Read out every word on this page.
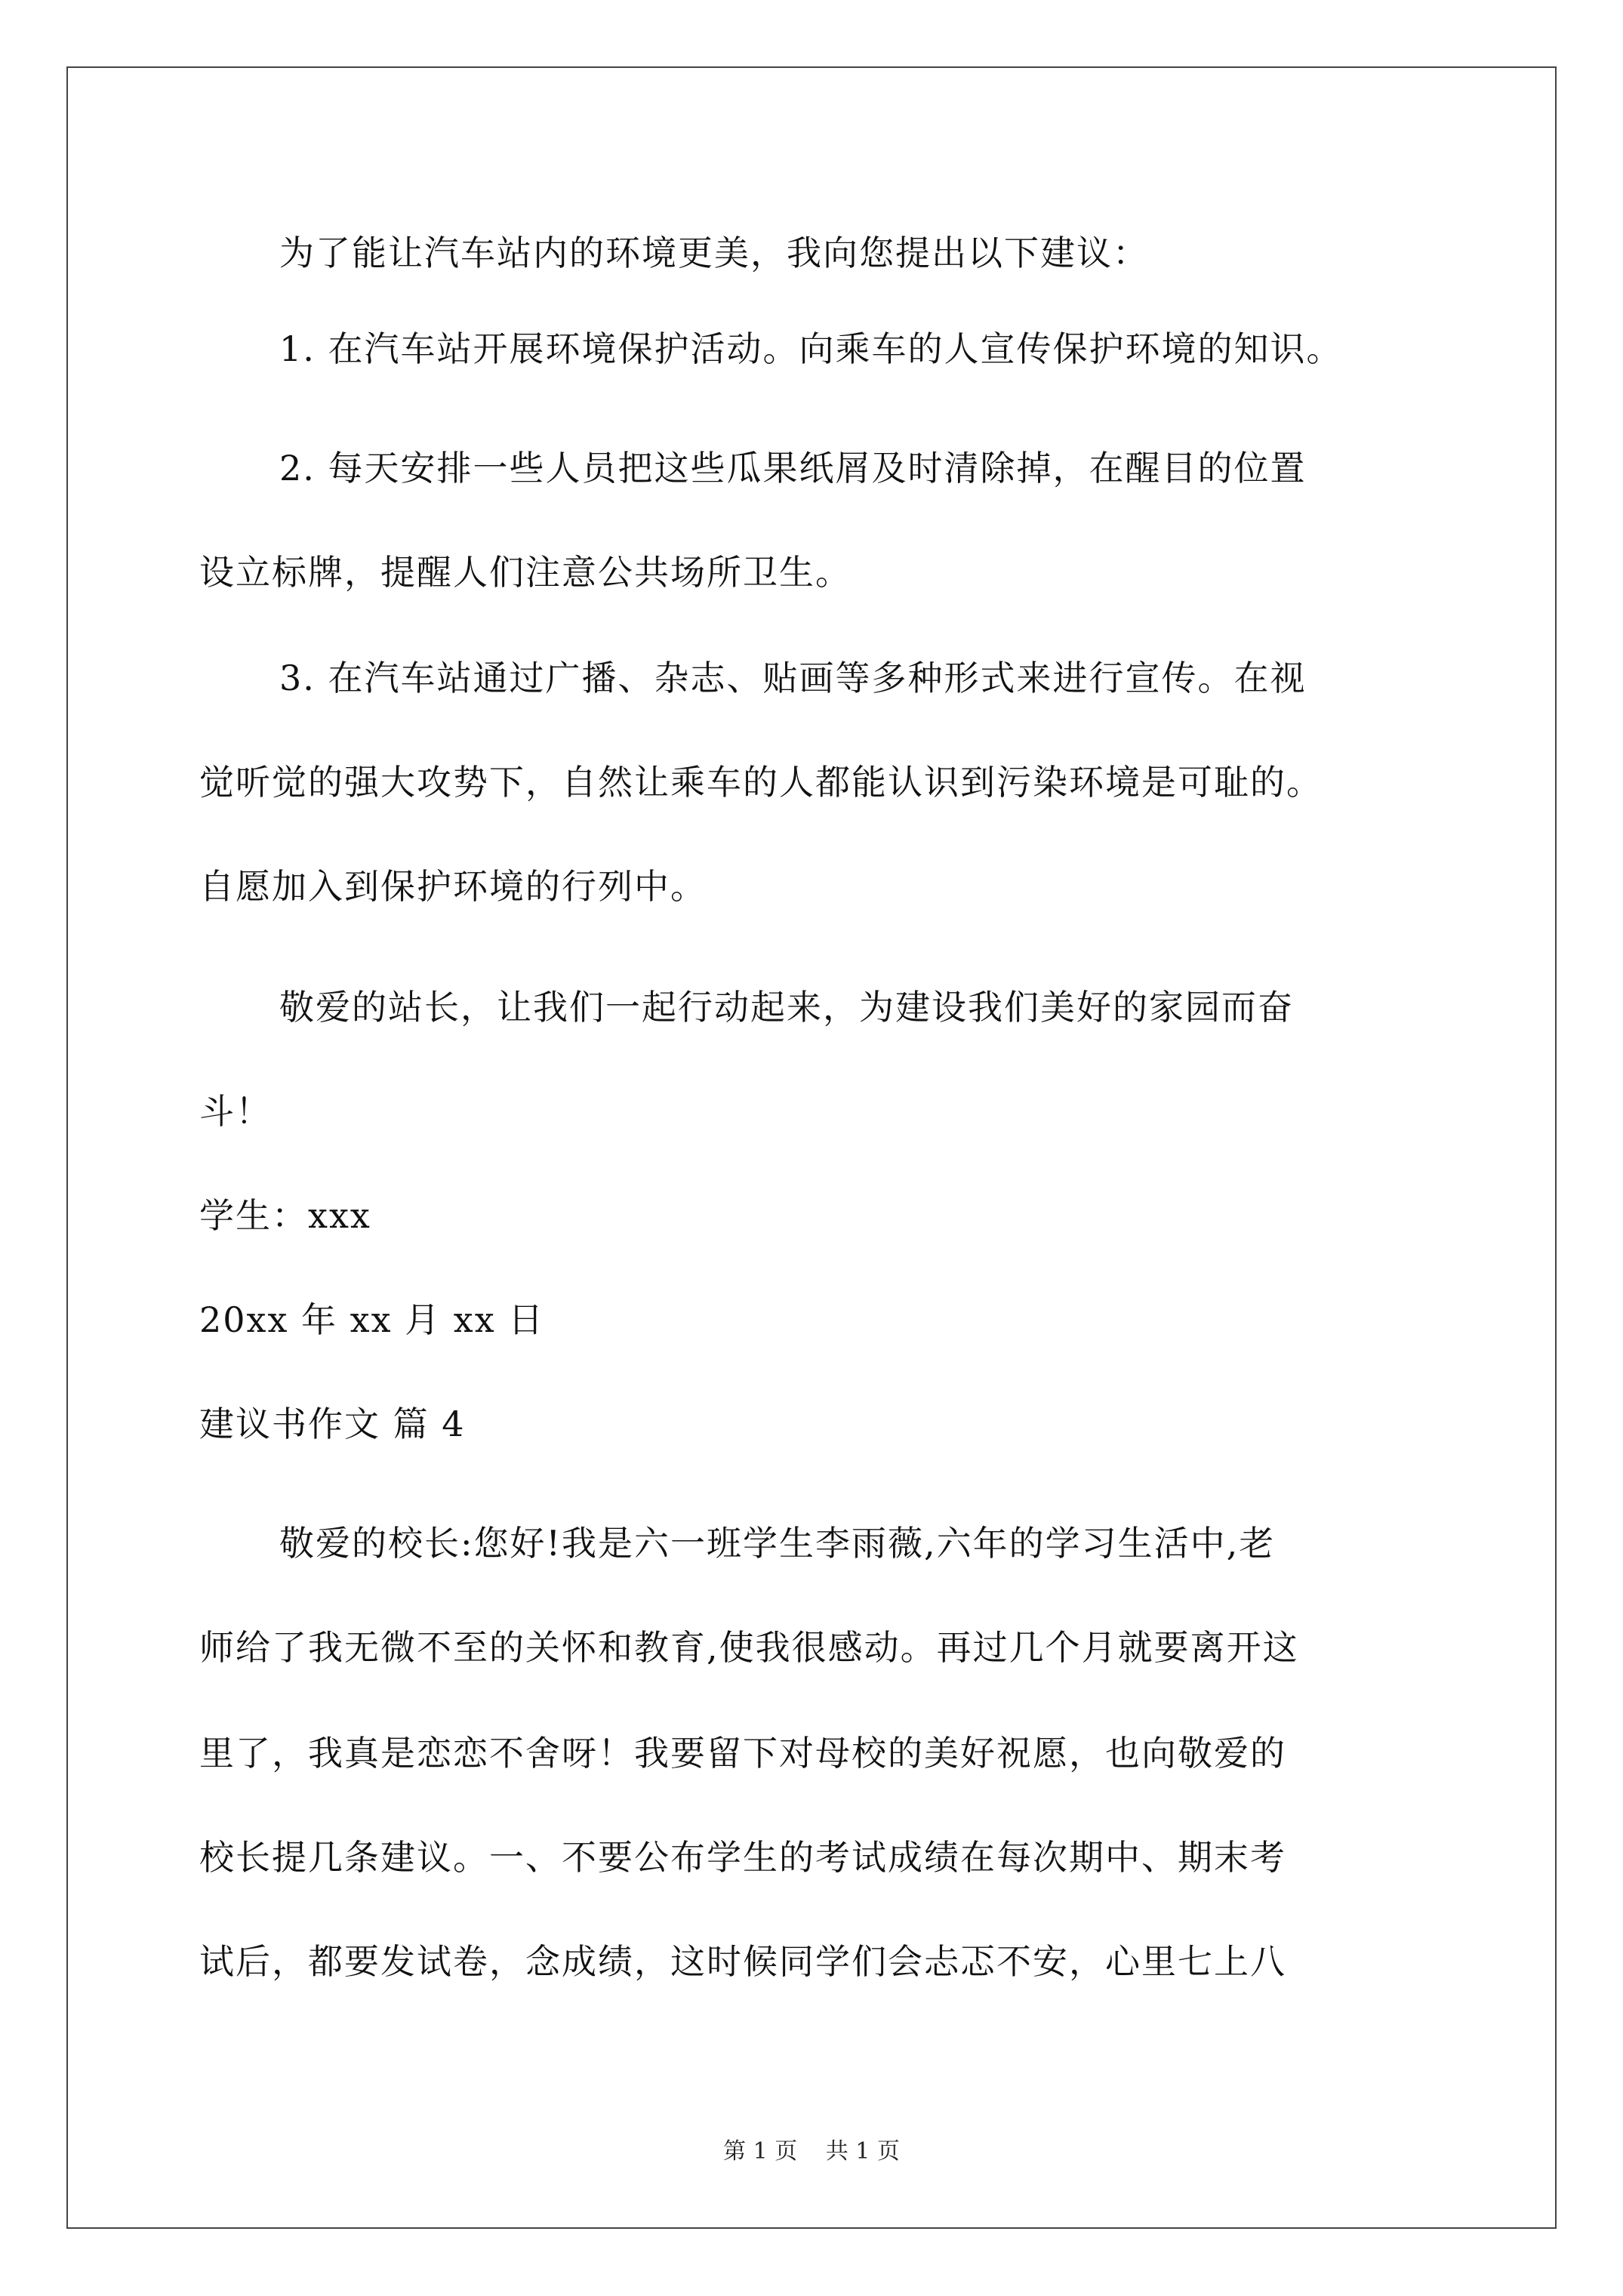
为了能让汽车站内的环境更美，我向您提出以下建议：
1. 在汽车站开展环境保护活动。向乘车的人宣传保护环境的知识。
2. 每天安排一些人员把这些瓜果纸屑及时清除掉，在醒目的位置
设立标牌，提醒人们注意公共场所卫生。
3. 在汽车站通过广播、杂志、贴画等多种形式来进行宣传。在视
觉听觉的强大攻势下，自然让乘车的人都能认识到污染环境是可耻的。
自愿加入到保护环境的行列中。
敬爱的站长，让我们一起行动起来，为建设我们美好的家园而奋
斗！
学生：xxx
20xx 年 xx 月 xx 日
建议书作文 篇 4
敬爱的校长:您好!我是六一班学生李雨薇,六年的学习生活中,老
师给了我无微不至的关怀和教育,使我很感动。再过几个月就要离开这
里了，我真是恋恋不舍呀！我要留下对母校的美好祝愿，也向敬爱的
校长提几条建议。一、不要公布学生的考试成绩在每次期中、期末考
试后，都要发试卷，念成绩，这时候同学们会忐忑不安，心里七上八
第 1 页 共 1 页
